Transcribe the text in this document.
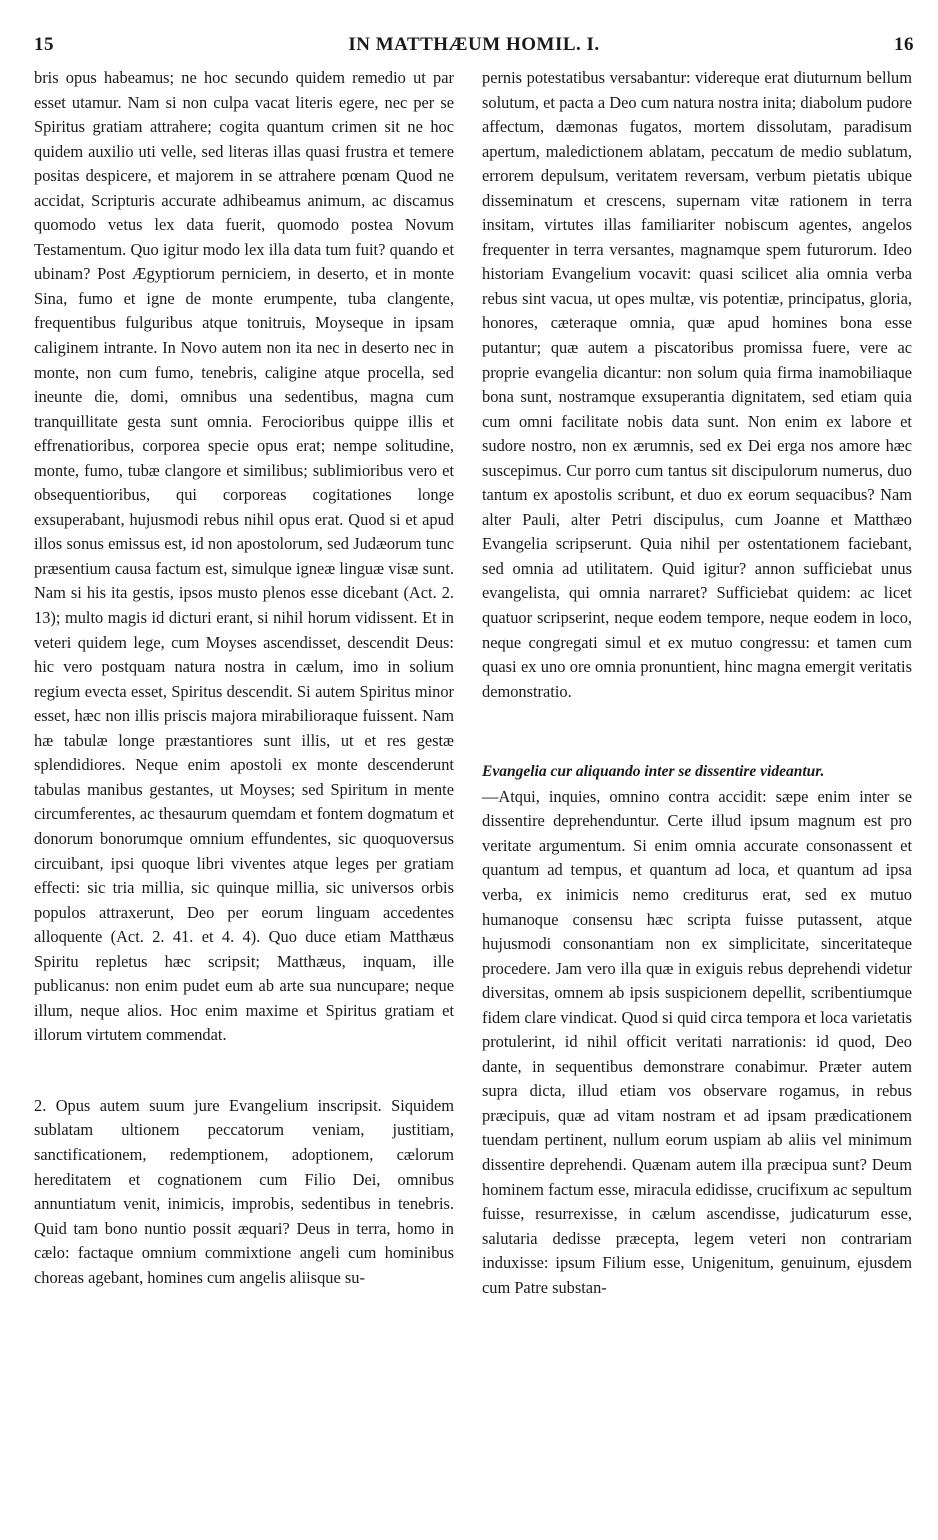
15	IN MATTHÆUM HOMIL. I.	16

bris opus habeamus; ne hoc secundo quidem remedio ut par esset utamur. Nam si non culpa vacat literis egere, nec per se Spiritus gratiam attrahere; cogita quantum crimen sit ne hoc quidem auxilio uti velle, sed literas illas quasi frustra et temere positas despicere, et majorem in se attrahere pœnam Quod ne accidat, Scripturis accurate adhibeamus animum, ac discamus quomodo vetus lex data fuerit, quomodo postea Novum Testamentum. Quo igitur modo lex illa data tum fuit? quando et ubinam? Post Ægyptiorum perniciem, in deserto, et in monte Sina, fumo et igne de monte erumpente, tuba clangente, frequentibus fulguribus atque tonitruis, Moyseque in ipsam caliginem intrante. In Novo autem non ita nec in deserto nec in monte, non cum fumo, tenebris, caligine atque procella, sed ineunte die, domi, omnibus una sedentibus, magna cum tranquillitate gesta sunt omnia. Ferocioribus quippe illis et effrenatioribus, corporea specie opus erat; nempe solitudine, monte, fumo, tubæ clangore et similibus; sublimioribus vero et obsequentioribus, qui corporeas cogitationes longe exsuperabant, hujusmodi rebus nihil opus erat. Quod si et apud illos sonus emissus est, id non apostolorum, sed Judæorum tunc præsentium causa factum est, simulque igneæ linguæ visæ sunt. Nam si his ita gestis, ipsos musto plenos esse dicebant (Act. 2. 13); multo magis id dicturi erant, si nihil horum vidissent. Et in veteri quidem lege, cum Moyses ascendisset, descendit Deus: hic vero postquam natura nostra in cælum, imo in solium regium evecta esset, Spiritus descendit. Si autem Spiritus minor esset, hæc non illis priscis majora mirabilioraque fuissent. Nam hæ tabulæ longe præstantiores sunt illis, ut et res gestæ splendidiores. Neque enim apostoli ex monte descenderunt tabulas manibus gestantes, ut Moyses; sed Spiritum in mente circumferentes, ac thesaurum quemdam et fontem dogmatum et donorum bonorumque omnium effundentes, sic quoquoversus circuibant, ipsi quoque libri viventes atque leges per gratiam effecti: sic tria millia, sic quinque millia, sic universos orbis populos attraxerunt, Deo per eorum linguam accedentes alloquente (Act. 2. 41. et 4. 4). Quo duce etiam Matthæus Spiritu repletus hæc scripsit; Matthæus, inquam, ille publicanus: non enim pudet eum ab arte sua nuncupare; neque illum, neque alios. Hoc enim maxime et Spiritus gratiam et illorum virtutem commendat.

2. Opus autem suum jure Evangelium inscripsit. Siquidem sublatam ultionem peccatorum veniam, justitiam, sanctificationem, redemptionem, adoptionem, cælorum hereditatem et cognationem cum Filio Dei, omnibus annuntiatum venit, inimicis, improbis, sedentibus in tenebris. Quid tam bono nuntio possit æquari? Deus in terra, homo in cælo: factaque omnium commixtione angeli cum hominibus choreas agebant, homines cum angelis aliisque su-

pernis potestatibus versabantur: videreque erat diuturnum bellum solutum, et pacta a Deo cum natura nostra inita; diabolum pudore affectum, dæmonas fugatos, mortem dissolutam, paradisum apertum, maledictionem ablatam, peccatum de medio sublatum, errorem depulsum, veritatem reversam, verbum pietatis ubique disseminatum et crescens, supernam vitæ rationem in terra insitam, virtutes illas familiariter nobiscum agentes, angelos frequenter in terra versantes, magnamque spem futurorum. Ideo historiam Evangelium vocavit: quasi scilicet alia omnia verba rebus sint vacua, ut opes multæ, vis potentiæ, principatus, gloria, honores, cæteraque omnia, quæ apud homines bona esse putantur; quæ autem a piscatoribus promissa fuere, vere ac proprie evangelia dicantur: non solum quia firma inamobiliaque bona sunt, nostramque exsuperantia dignitatem, sed etiam quia cum omni facilitate nobis data sunt. Non enim ex labore et sudore nostro, non ex ærumnis, sed ex Dei erga nos amore hæc suscepimus. Cur porro cum tantus sit discipulorum numerus, duo tantum ex apostolis scribunt, et duo ex eorum sequacibus? Nam alter Pauli, alter Petri discipulus, cum Joanne et Matthæo Evangelia scripserunt. Quia nihil per ostentationem faciebant, sed omnia ad utilitatem. Quid igitur? annon sufficiebat unus evangelista, qui omnia narraret? Sufficiebat quidem: ac licet quatuor scripserint, neque eodem tempore, neque eodem in loco, neque congregati simul et ex mutuo congressu: et tamen cum quasi ex uno ore omnia pronuntient, hinc magna emergit veritatis demonstratio.

Evangelia cur aliquando inter se dissentire videantur.

—Atqui, inquies, omnino contra accidit: sæpe enim inter se dissentire deprehenduntur. Certe illud ipsum magnum est pro veritate argumentum. Si enim omnia accurate consonassent et quantum ad tempus, et quantum ad loca, et quantum ad ipsa verba, ex inimicis nemo crediturus erat, sed ex mutuo humanoque consensu hæc scripta fuisse putassent, atque hujusmodi consonantiam non ex simplicitate, sinceritateque procedere. Jam vero illa quæ in exiguis rebus deprehendi videtur diversitas, omnem ab ipsis suspicionem depellit, scribentiumque fidem clare vindicat. Quod si quid circa tempora et loca varietatis protulerint, id nihil officit veritati narrationis: id quod, Deo dante, in sequentibus demonstrare conabimur. Præter autem supra dicta, illud etiam vos observare rogamus, in rebus præcipuis, quæ ad vitam nostram et ad ipsam prædicationem tuendam pertinent, nullum eorum uspiam ab aliis vel minimum dissentire deprehendi. Quænam autem illa præcipua sunt? Deum hominem factum esse, miracula edidisse, crucifixum ac sepultum fuisse, resurrexisse, in cælum ascendisse, judicaturum esse, salutaria dedisse præcepta, legem veteri non contrariam induxisse: ipsum Filium esse, Unigenitum, genuinum, ejusdem cum Patre substan-
